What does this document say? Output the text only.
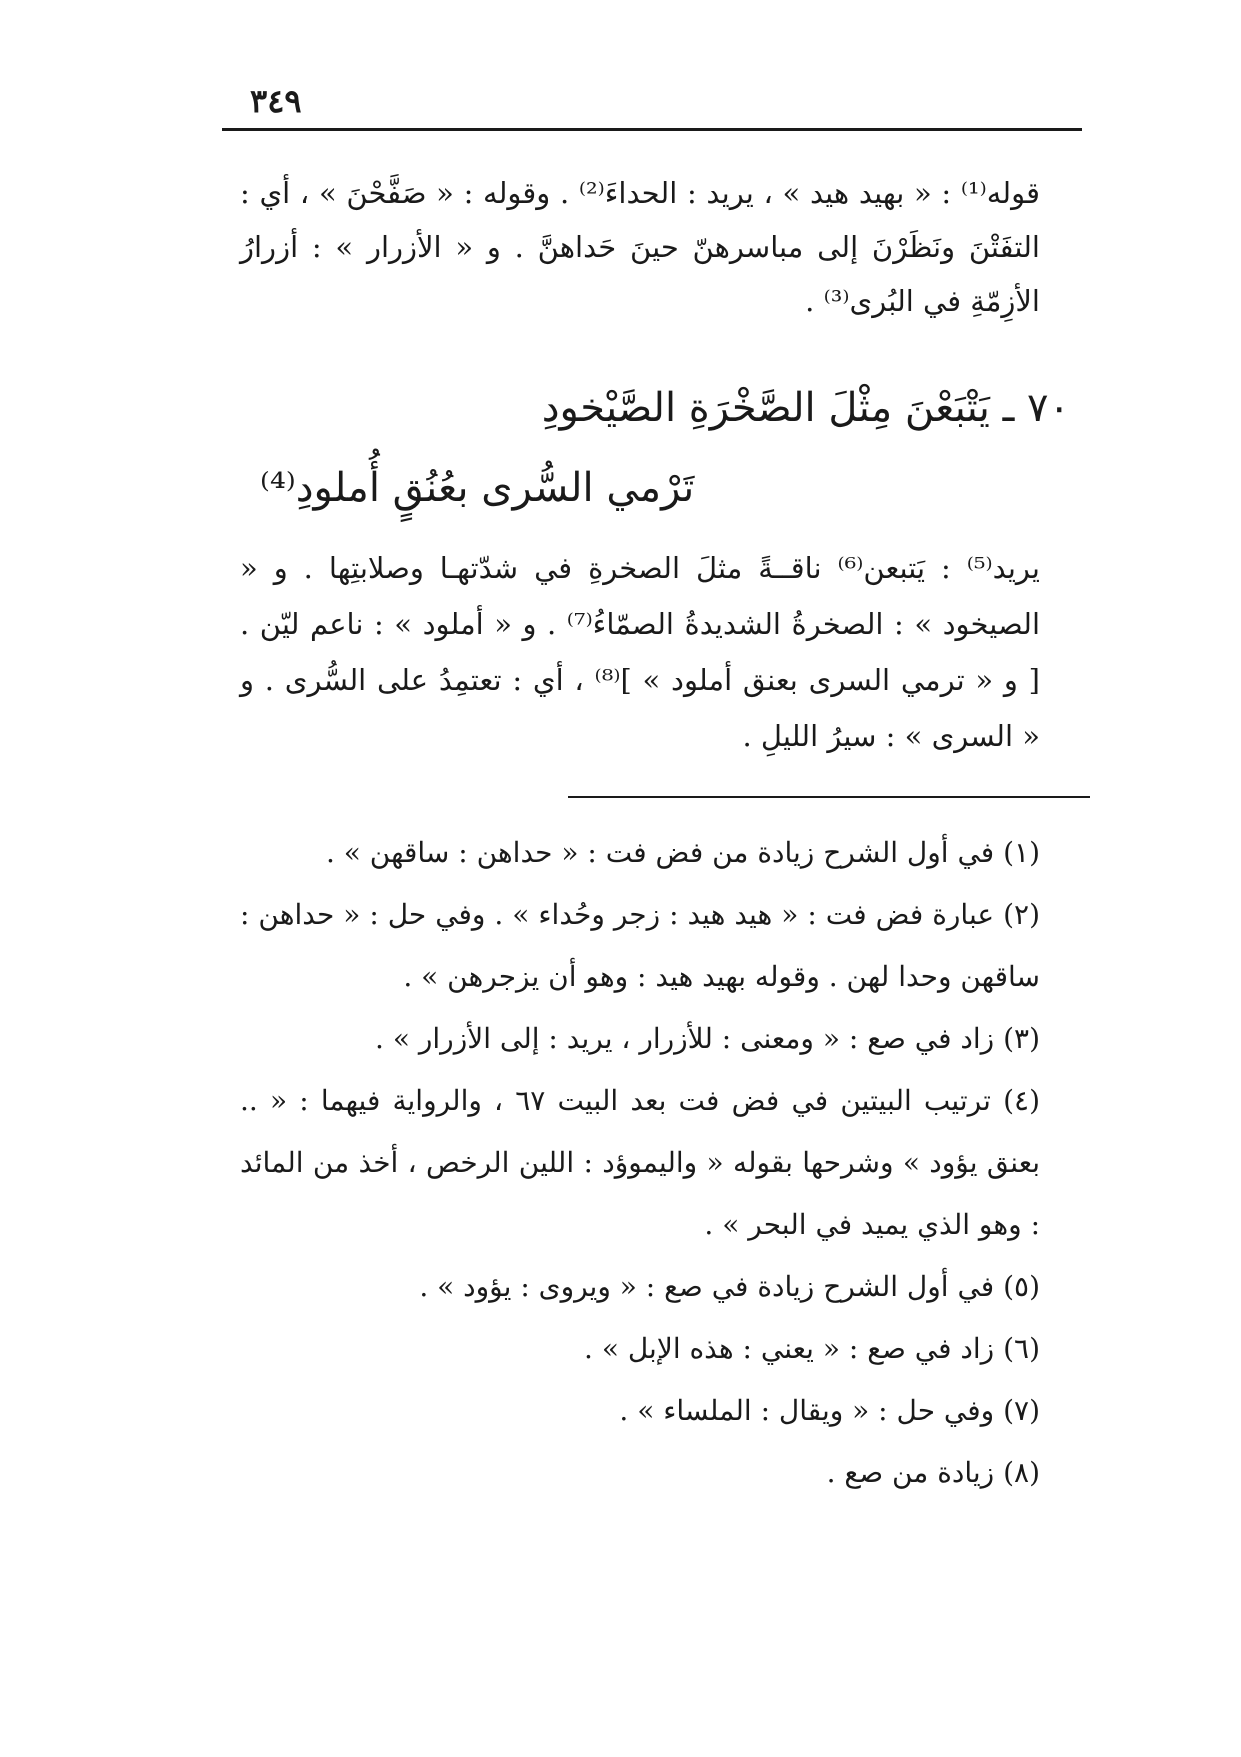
٣٤٩

قوله⁽¹⁾ : « بهيد هيد » ، يريد : الحداءَ⁽²⁾ . وقوله : « صَفَّحْنَ » ، أي : التفَتْنَ ونَظَرْنَ إلى مباسرهنّ حينَ حَداهنَّ . و « الأزرار » : أزرارُ الأزِمّةِ في البُرى⁽³⁾ .

٧٠ ـ يَتْبَعْنَ مِثْلَ الصَّخْرَةِ الصَّيْخودِ
تَرْمي السُّرى بعُنُقٍ أُملودِ⁽⁴⁾

يريد⁽⁵⁾ : يَتبعن⁽⁶⁾ ناقــةً مثلَ الصخرةِ في شدّتهـا وصلابتِها . و « الصيخود » : الصخرةُ الشديدةُ الصمّاءُ⁽⁷⁾ . و « أملود » : ناعم ليّن . [ و « ترمي السرى بعنق أملود » ]⁽⁸⁾ ، أي : تعتمِدُ على السُّرى . و « السرى » : سيرُ الليلِ .

(١) في أول الشرح زيادة من فض فت : « حداهن : ساقهن » .

(٢) عبارة فض فت : « هيد هيد : زجر وحُداء » . وفي حل : « حداهن : ساقهن وحدا لهن . وقوله بهيد هيد : وهو أن يزجرهن » .

(٣) زاد في صع : « ومعنى : للأزرار ، يريد : إلى الأزرار » .

(٤) ترتيب البيتين في فض فت بعد البيت ٦٧ ، والرواية فيهما : « .. بعنق يؤود » وشرحها بقوله « واليموؤد : اللين الرخص ، أخذ من المائد : وهو الذي يميد في البحر » .

(٥) في أول الشرح زيادة في صع : « ويروى : يؤود » .

(٦) زاد في صع : « يعني : هذه الإبل » .

(٧) وفي حل : « ويقال : الملساء » .

(٨) زيادة من صع .
